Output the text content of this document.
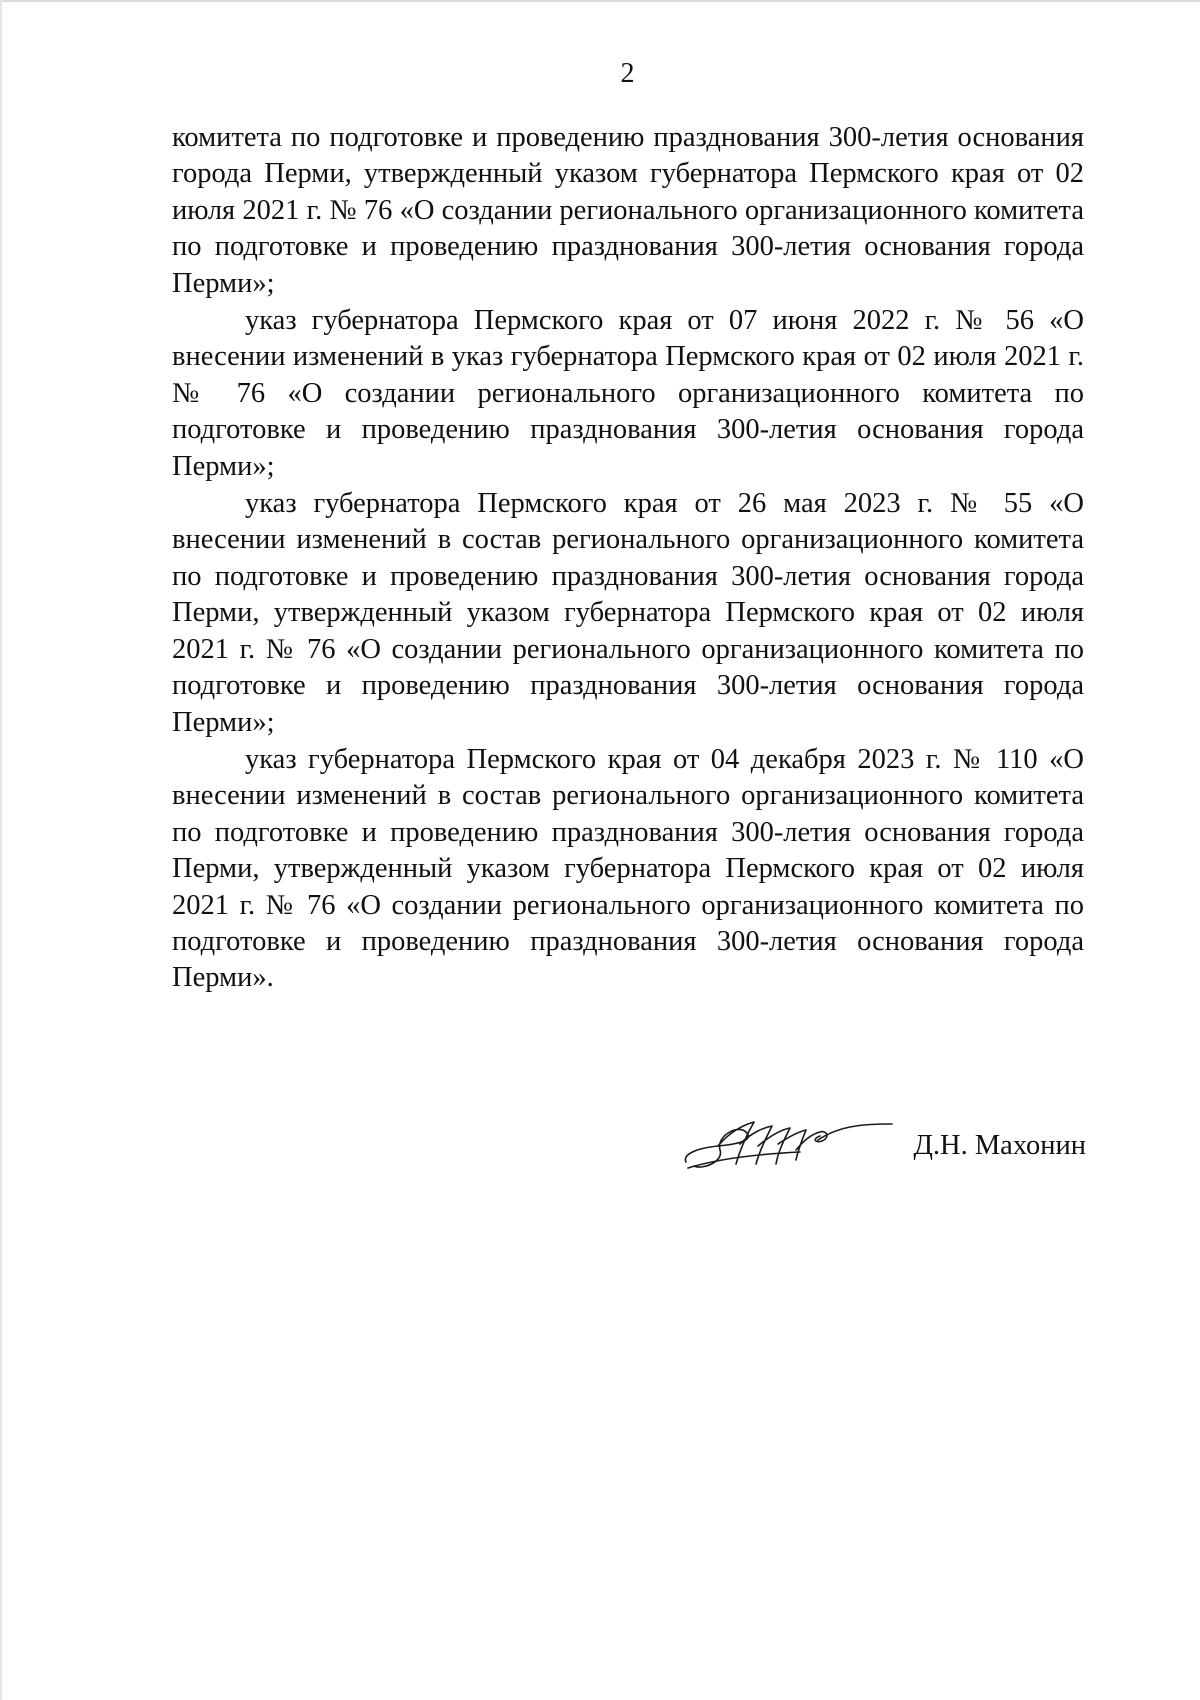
2

комитета по подготовке и проведению празднования 300-летия основания города Перми, утвержденный указом губернатора Пермского края от 02 июля 2021 г. № 76 «О создании регионального организационного комитета по подготовке и проведению празднования 300-летия основания города Перми»;

указ губернатора Пермского края от 07 июня 2022 г. № 56 «О внесении изменений в указ губернатора Пермского края от 02 июля 2021 г. № 76 «О создании регионального организационного комитета по подготовке и проведению празднования 300-летия основания города Перми»;

указ губернатора Пермского края от 26 мая 2023 г. № 55 «О внесении изменений в состав регионального организационного комитета по подготовке и проведению празднования 300-летия основания города Перми, утвержденный указом губернатора Пермского края от 02 июля 2021 г. № 76 «О создании регионального организационного комитета по подготовке и проведению празднования 300-летия основания города Перми»;

указ губернатора Пермского края от 04 декабря 2023 г. № 110 «О внесении изменений в состав регионального организационного комитета по подготовке и проведению празднования 300-летия основания города Перми, утвержденный указом губернатора Пермского края от 02 июля 2021 г. № 76 «О создании регионального организационного комитета по подготовке и проведению празднования 300-летия основания города Перми».

Д.Н. Махонин
